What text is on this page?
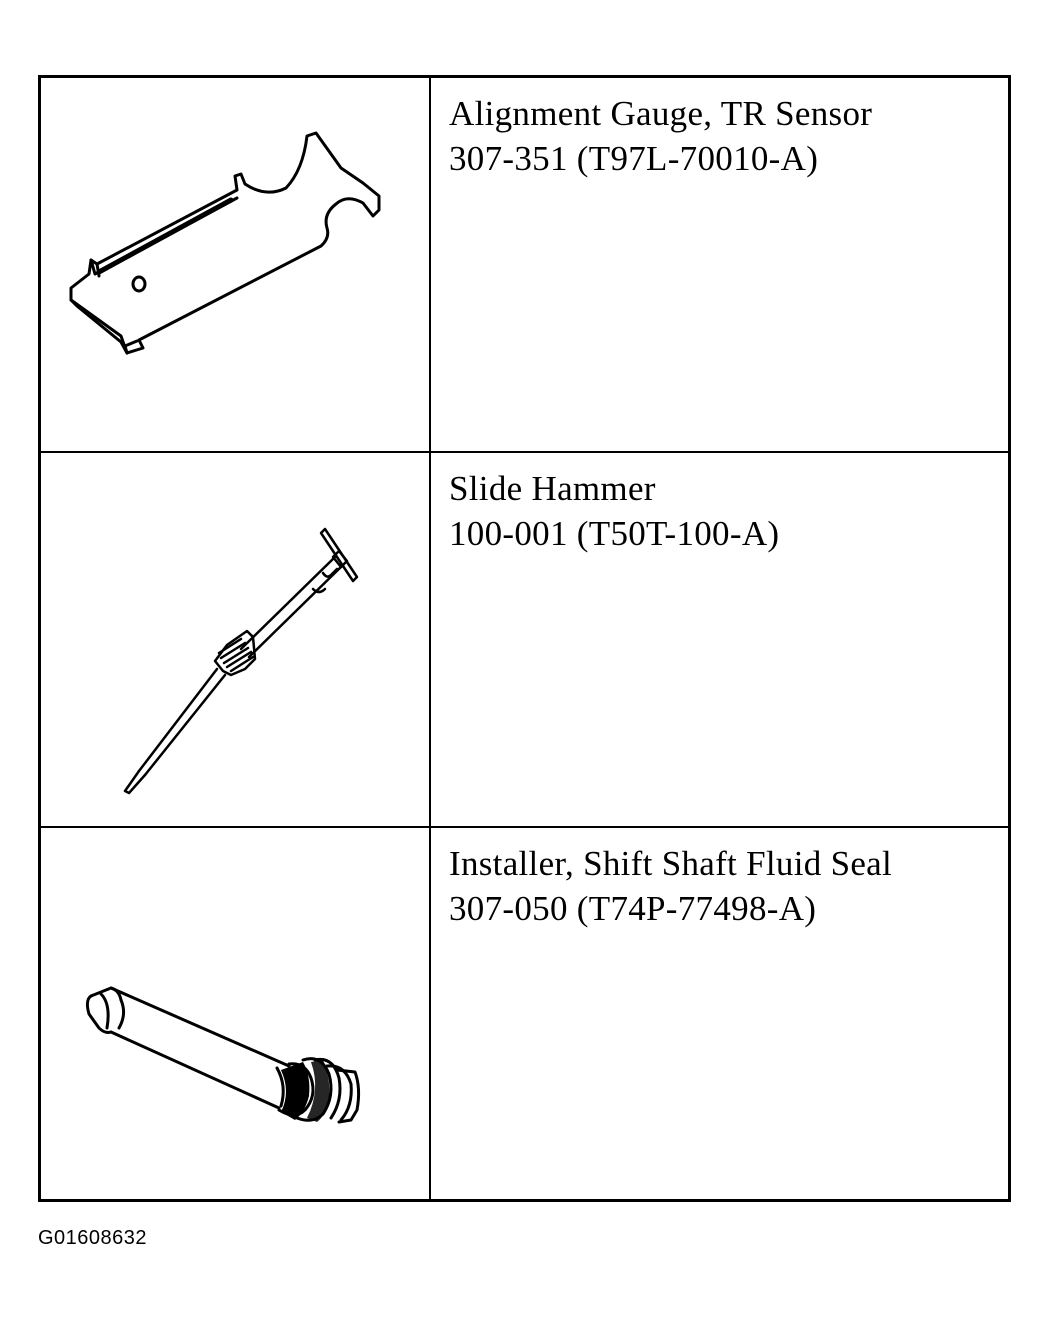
Alignment Gauge, TR Sensor
307-351 (T97L-70010-A)
Slide Hammer
100-001 (T50T-100-A)
Installer, Shift Shaft Fluid Seal
307-050 (T74P-77498-A)
G01608632
